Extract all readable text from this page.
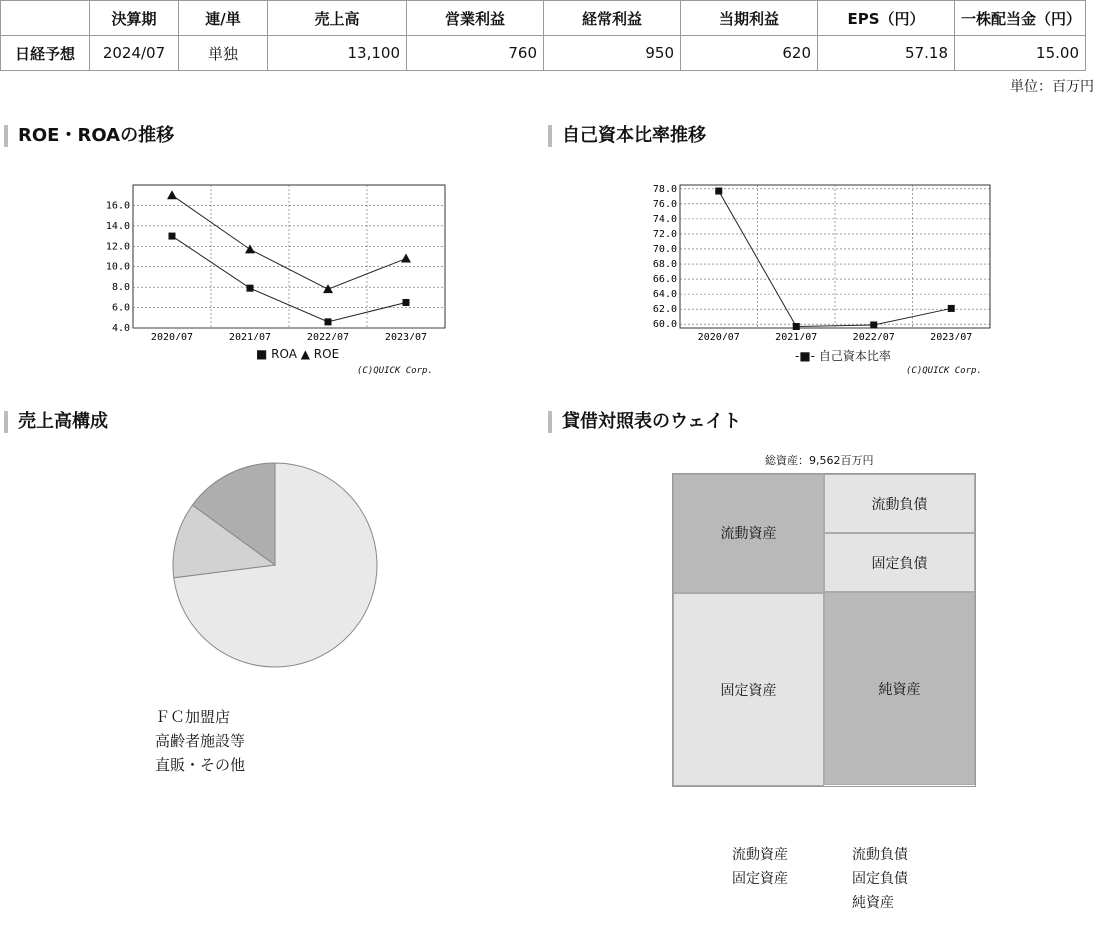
	決算期	連/単	売上高	営業利益	経常利益	当期利益	EPS（円）	一株配当金（円）
日経予想	2024/07	単独	13,100	760	950	620	57.18	15.00
単位：百万円
ROE・ROAの推移	自己資本比率推移
売上高構成	貸借対照表のウェイト
4.0
6.0
8.0
10.0
12.0
14.0
16.0
2020/07	2021/07	2022/07	2023/07
■ ROA ▲ ROE
(C)QUICK Corp.
60.0
62.0
64.0
66.0
68.0
70.0
72.0
74.0
76.0
78.0
2020/07	2021/07	2022/07	2023/07
-■- 自己資本比率
(C)QUICK Corp.
ＦＣ加盟店
高齢者施設等
直販・その他
総資産：9,562百万円
流動資産
固定資産
流動負債
固定負債
純資産
流動資産
固定資産
流動負債
固定負債
純資産
